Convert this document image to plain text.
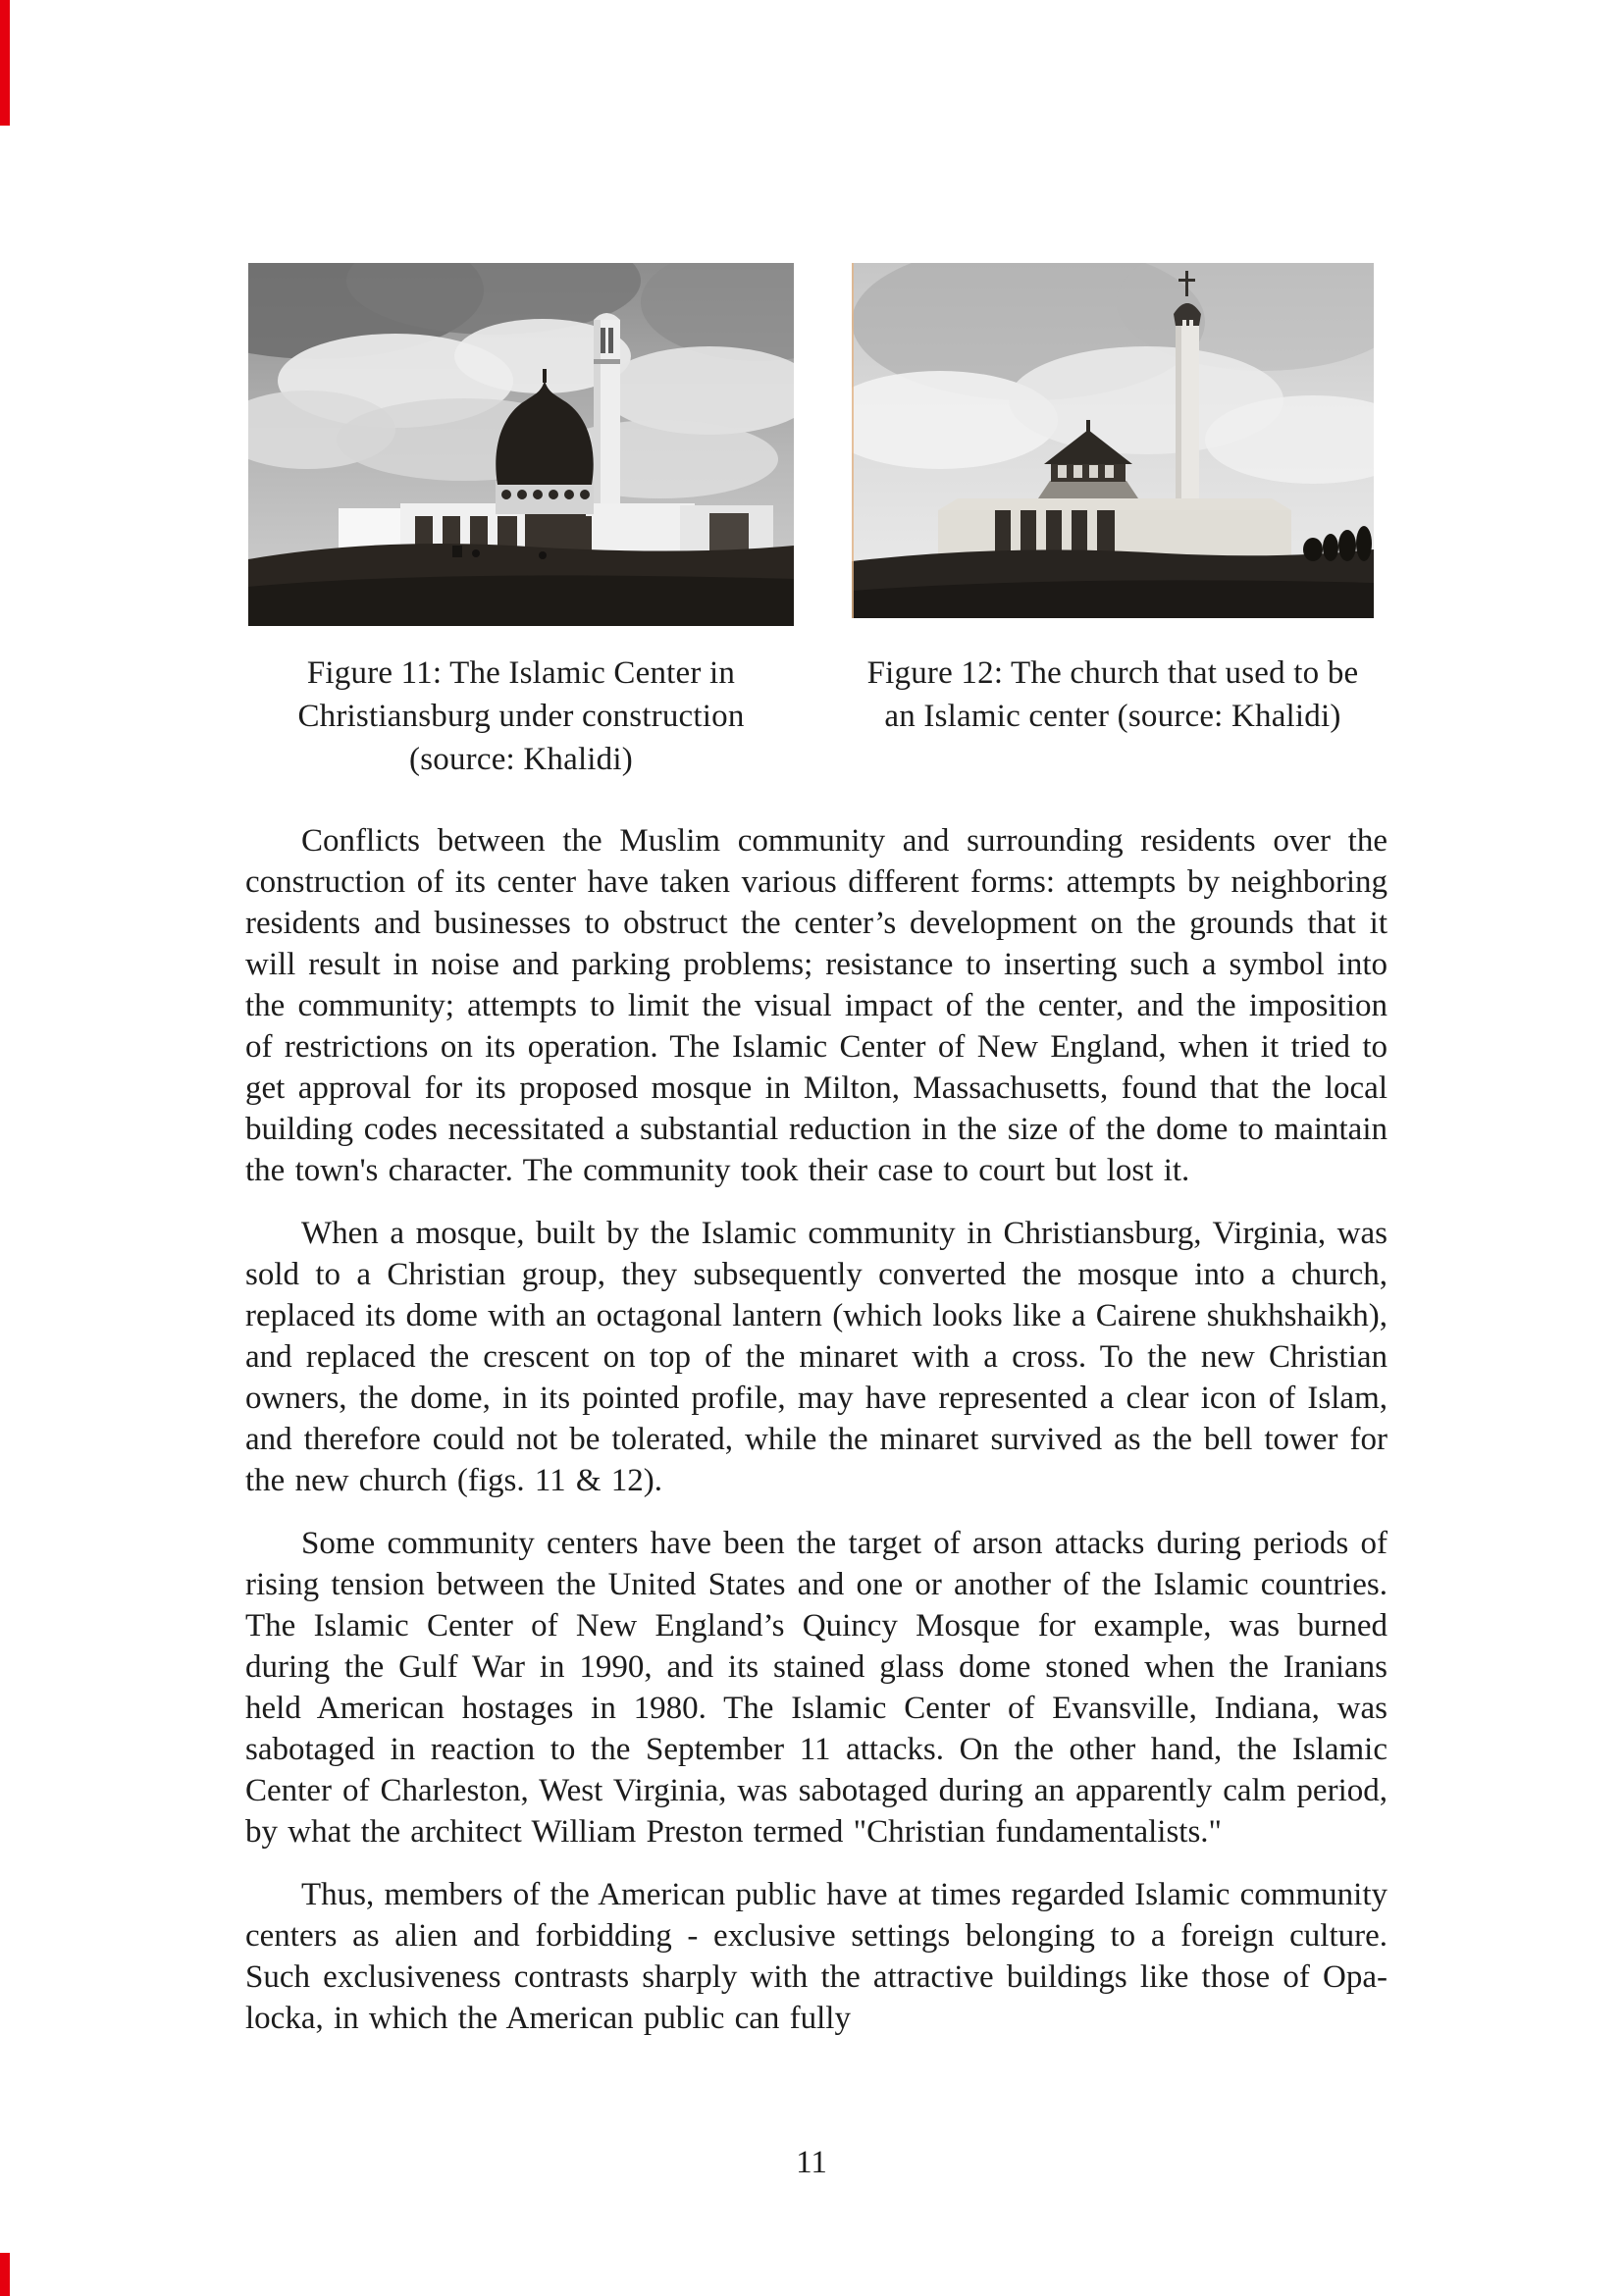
Figure 11: The Islamic Center in
Christiansburg under construction
(source: Khalidi)
Figure 12: The church that used to be
an Islamic center (source: Khalidi)

Conflicts between the Muslim community and surrounding residents over the construction of its center have taken various different forms: attempts by neighboring residents and businesses to obstruct the center’s development on the grounds that it will result in noise and parking problems; resistance to inserting such a symbol into the community; attempts to limit the visual impact of the center, and the imposition of restrictions on its operation. The Islamic Center of New England, when it tried to get approval for its proposed mosque in Milton, Massachusetts, found that the local building codes necessitated a substantial reduction in the size of the dome to maintain the town's character. The community took their case to court but lost it.

When a mosque, built by the Islamic community in Christiansburg, Virginia, was sold to a Christian group, they subsequently converted the mosque into a church, replaced its dome with an octagonal lantern (which looks like a Cairene shukhshaikh), and replaced the crescent on top of the minaret with a cross. To the new Christian owners, the dome, in its pointed profile, may have represented a clear icon of Islam, and therefore could not be tolerated, while the minaret survived as the bell tower for the new church (figs. 11 & 12).

Some community centers have been the target of arson attacks during periods of rising tension between the United States and one or another of the Islamic countries. The Islamic Center of New England’s Quincy Mosque for example, was burned during the Gulf War in 1990, and its stained glass dome stoned when the Iranians held American hostages in 1980. The Islamic Center of Evansville, Indiana, was sabotaged in reaction to the September 11 attacks. On the other hand, the Islamic Center of Charleston, West Virginia, was sabotaged during an apparently calm period, by what the architect William Preston termed "Christian fundamentalists."

Thus, members of the American public have at times regarded Islamic community centers as alien and forbidding - exclusive settings belonging to a foreign culture. Such exclusiveness contrasts sharply with the attractive buildings like those of Opa-locka, in which the American public can fully

11
